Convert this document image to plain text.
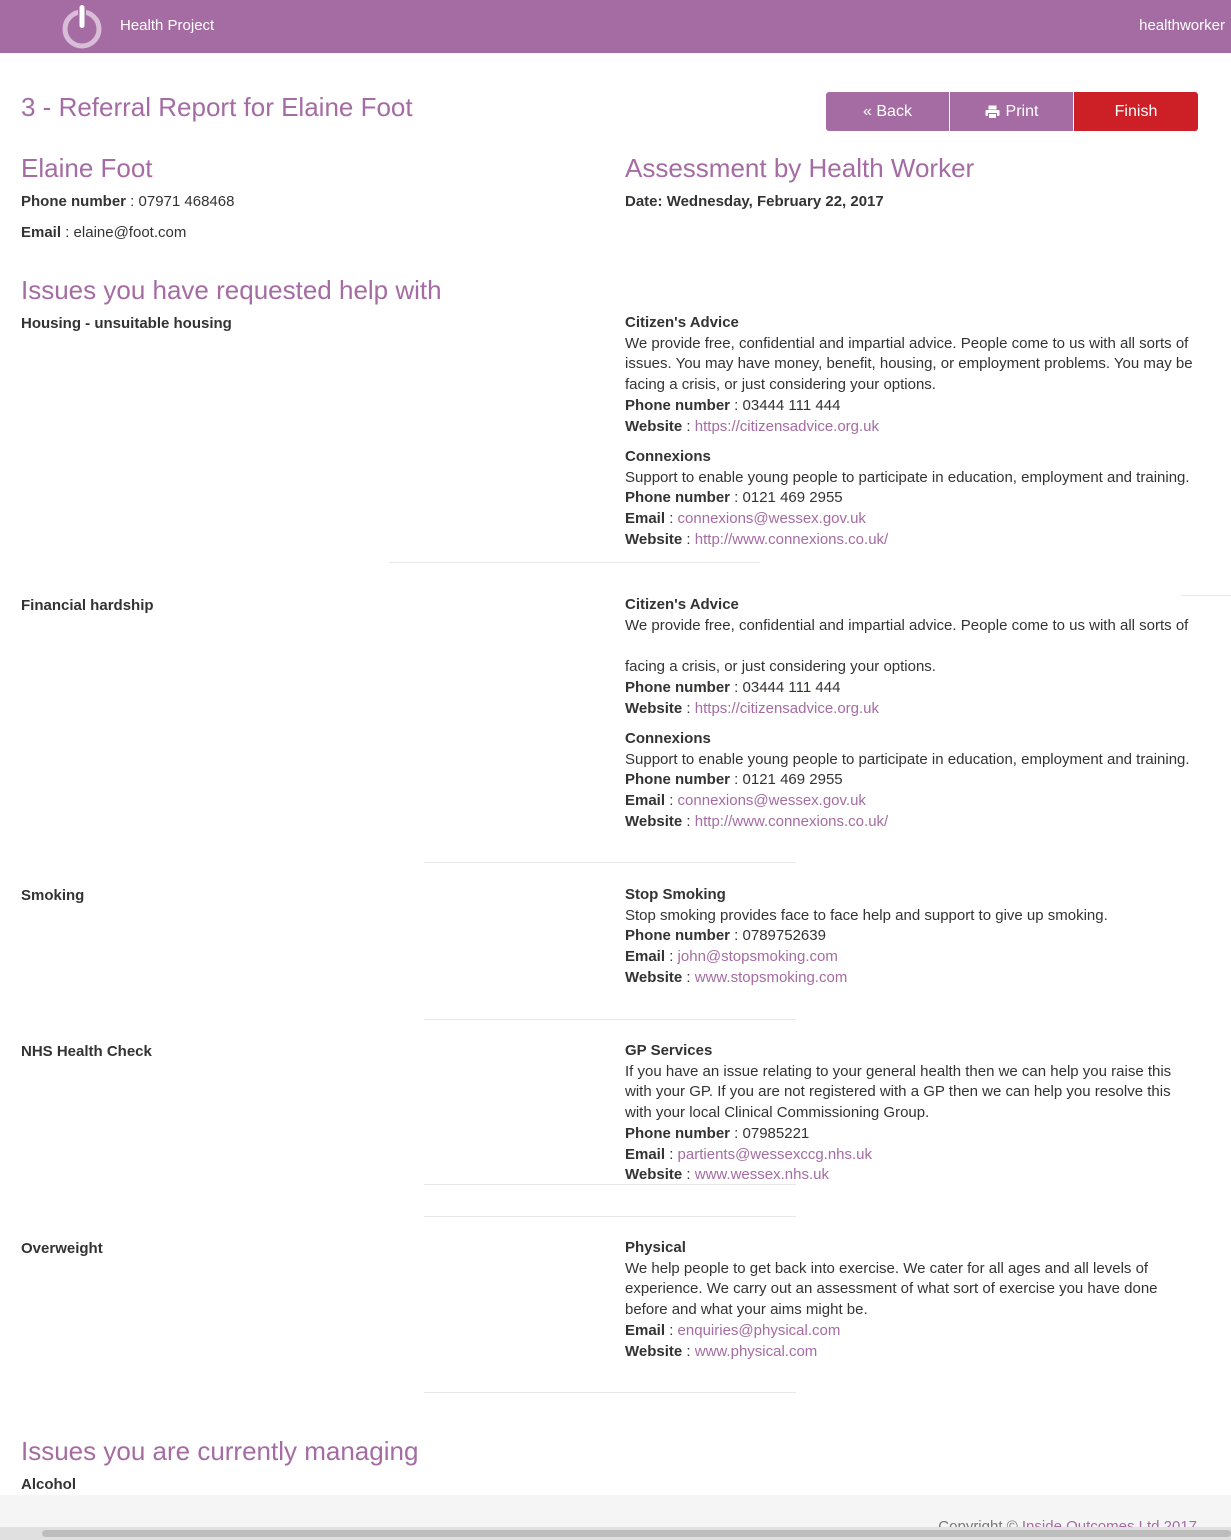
Health Project	healthworker
3 - Referral Report for Elaine Foot	« Back	Print	Finish
Elaine Foot

Phone number : 07971 468468

Email : elaine@foot.com

Assessment by Health Worker

Date: Wednesday, February 22, 2017

Issues you have requested help with
Housing - unsuitable housing	Citizen's Advice

We provide free, confidential and impartial advice. People come to us with all sorts of issues. You may have money, benefit, housing, or employment problems. You may be facing a crisis, or just considering your options.

Phone number : 03444 111 444

Website : https://citizensadvice.org.uk

Connexions

Support to enable young people to participate in education, employment and training.

Phone number : 0121 469 2955

Email : connexions@wessex.gov.uk

Website : http://www.connexions.co.uk/

Financial hardship	Citizen's Advice

We provide free, confidential and impartial advice. People come to us with all sorts of

facing a crisis, or just considering your options.

Phone number : 03444 111 444

Website : https://citizensadvice.org.uk

Connexions

Support to enable young people to participate in education, employment and training.

Phone number : 0121 469 2955

Email : connexions@wessex.gov.uk

Website : http://www.connexions.co.uk/

Smoking	Stop Smoking

Stop smoking provides face to face help and support to give up smoking.

Phone number : 0789752639

Email : john@stopsmoking.com

Website : www.stopsmoking.com

NHS Health Check	GP Services

If you have an issue relating to your general health then we can help you raise this with your GP. If you are not registered with a GP then we can help you resolve this with your local Clinical Commissioning Group.

Phone number : 07985221

Email : partients@wessexccg.nhs.uk

Website : www.wessex.nhs.uk

Overweight	Physical

We help people to get back into exercise. We cater for all ages and all levels of experience. We carry out an assessment of what sort of exercise you have done before and what your aims might be.

Email : enquiries@physical.com

Website : www.physical.com

Issues you are currently managing
Alcohol
